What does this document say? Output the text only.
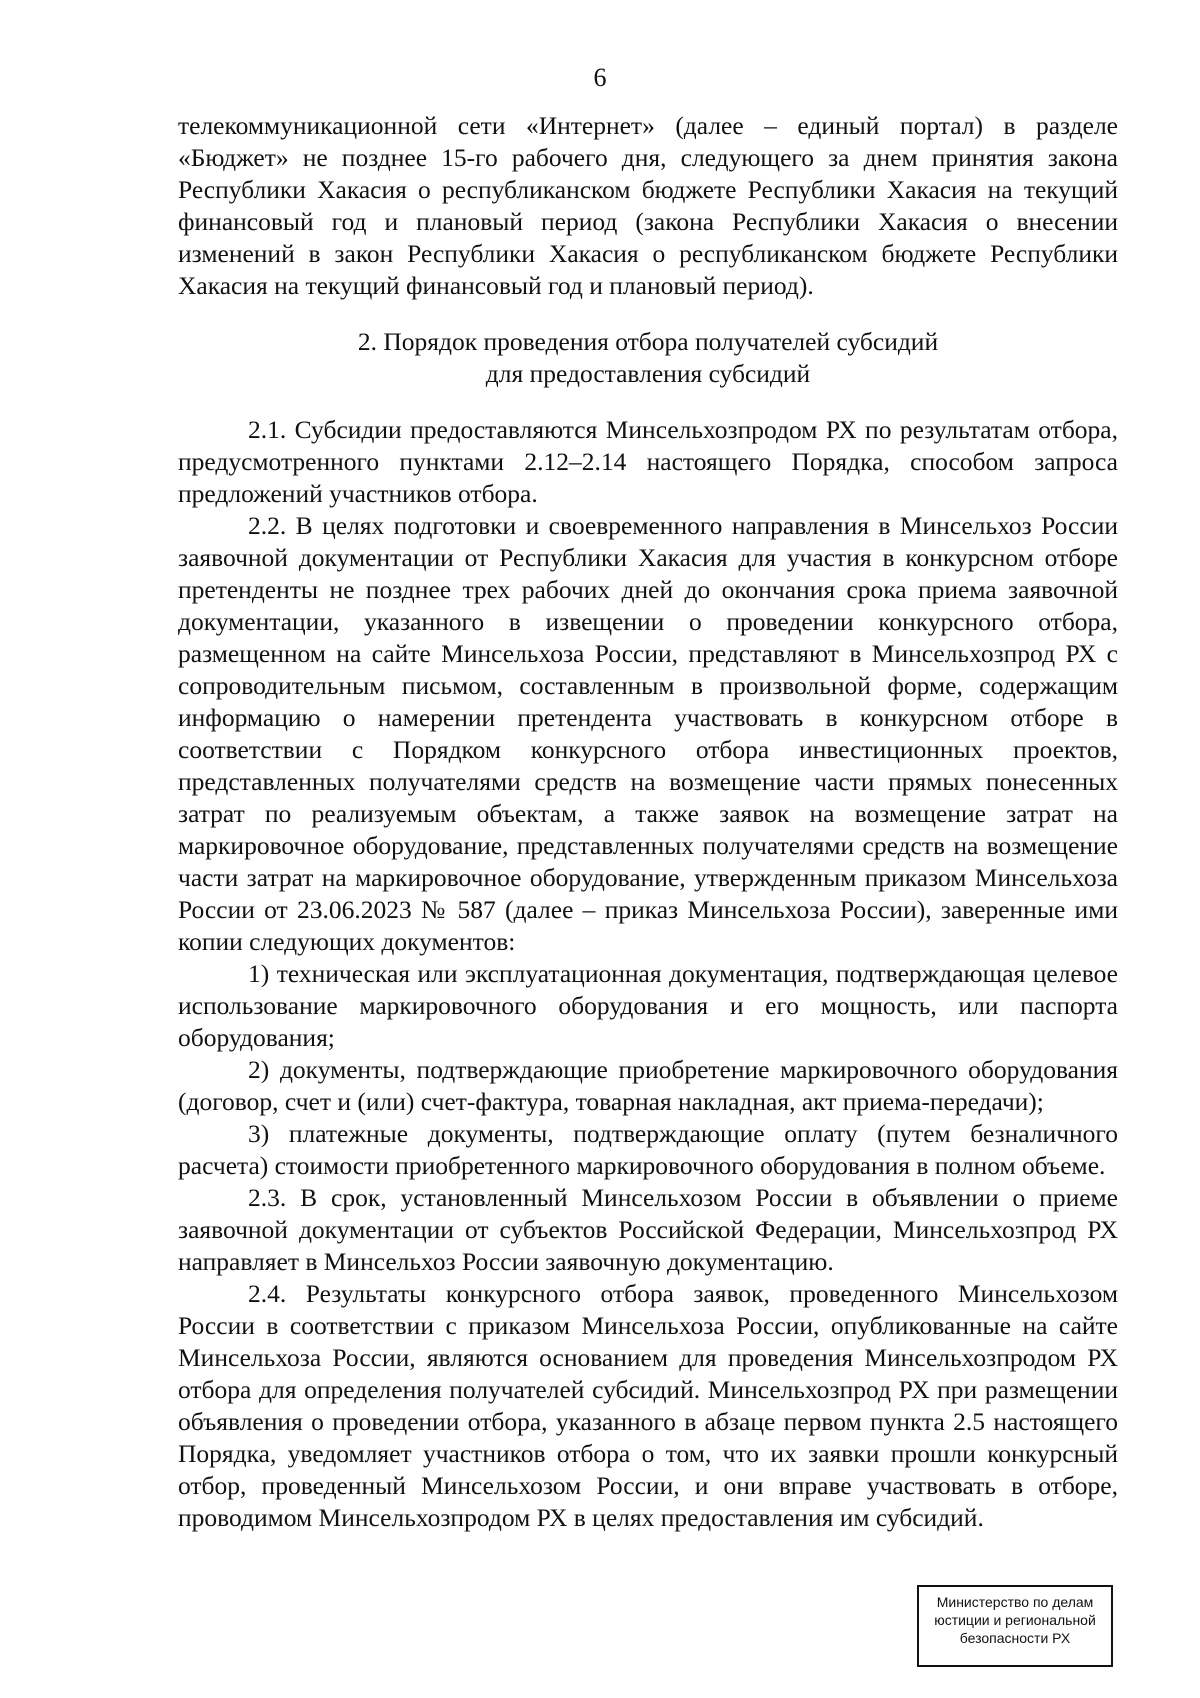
6

телекоммуникационной сети «Интернет» (далее – единый портал) в разделе «Бюджет» не позднее 15-го рабочего дня, следующего за днем принятия закона Республики Хакасия о республиканском бюджете Республики Хакасия на текущий финансовый год и плановый период (закона Республики Хакасия о внесении изменений в закон Республики Хакасия о республиканском бюджете Республики Хакасия на текущий финансовый год и плановый период).

2. Порядок проведения отбора получателей субсидий
для предоставления субсидий

2.1. Субсидии предоставляются Минсельхозпродом РХ по результатам отбора, предусмотренного пунктами 2.12–2.14 настоящего Порядка, способом запроса предложений участников отбора.

2.2. В целях подготовки и своевременного направления в Минсельхоз России заявочной документации от Республики Хакасия для участия в конкурсном отборе претенденты не позднее трех рабочих дней до окончания срока приема заявочной документации, указанного в извещении о проведении конкурсного отбора, размещенном на сайте Минсельхоза России, представляют в Минсельхозпрод РХ с сопроводительным письмом, составленным в произвольной форме, содержащим информацию о намерении претендента участвовать в конкурсном отборе в соответствии с Порядком конкурсного отбора инвестиционных проектов, представленных получателями средств на возмещение части прямых понесенных затрат по реализуемым объектам, а также заявок на возмещение затрат на маркировочное оборудование, представленных получателями средств на возмещение части затрат на маркировочное оборудование, утвержденным приказом Минсельхоза России от 23.06.2023 № 587 (далее – приказ Минсельхоза России), заверенные ими копии следующих документов:

1) техническая или эксплуатационная документация, подтверждающая целевое использование маркировочного оборудования и его мощность, или паспорта оборудования;

2) документы, подтверждающие приобретение маркировочного оборудования (договор, счет и (или) счет-фактура, товарная накладная, акт приема-передачи);

3) платежные документы, подтверждающие оплату (путем безналичного расчета) стоимости приобретенного маркировочного оборудования в полном объеме.

2.3. В срок, установленный Минсельхозом России в объявлении о приеме заявочной документации от субъектов Российской Федерации, Минсельхозпрод РХ направляет в Минсельхоз России заявочную документацию.

2.4. Результаты конкурсного отбора заявок, проведенного Минсельхозом России в соответствии с приказом Минсельхоза России, опубликованные на сайте Минсельхоза России, являются основанием для проведения Минсельхозпродом РХ отбора для определения получателей субсидий. Минсельхозпрод РХ при размещении объявления о проведении отбора, указанного в абзаце первом пункта 2.5 настоящего Порядка, уведомляет участников отбора о том, что их заявки прошли конкурсный отбор, проведенный Минсельхозом России, и они вправе участвовать в отборе, проводимом Минсельхозпродом РХ в целях предоставления им субсидий.

Министерство по делам
юстиции и региональной
безопасности РХ
